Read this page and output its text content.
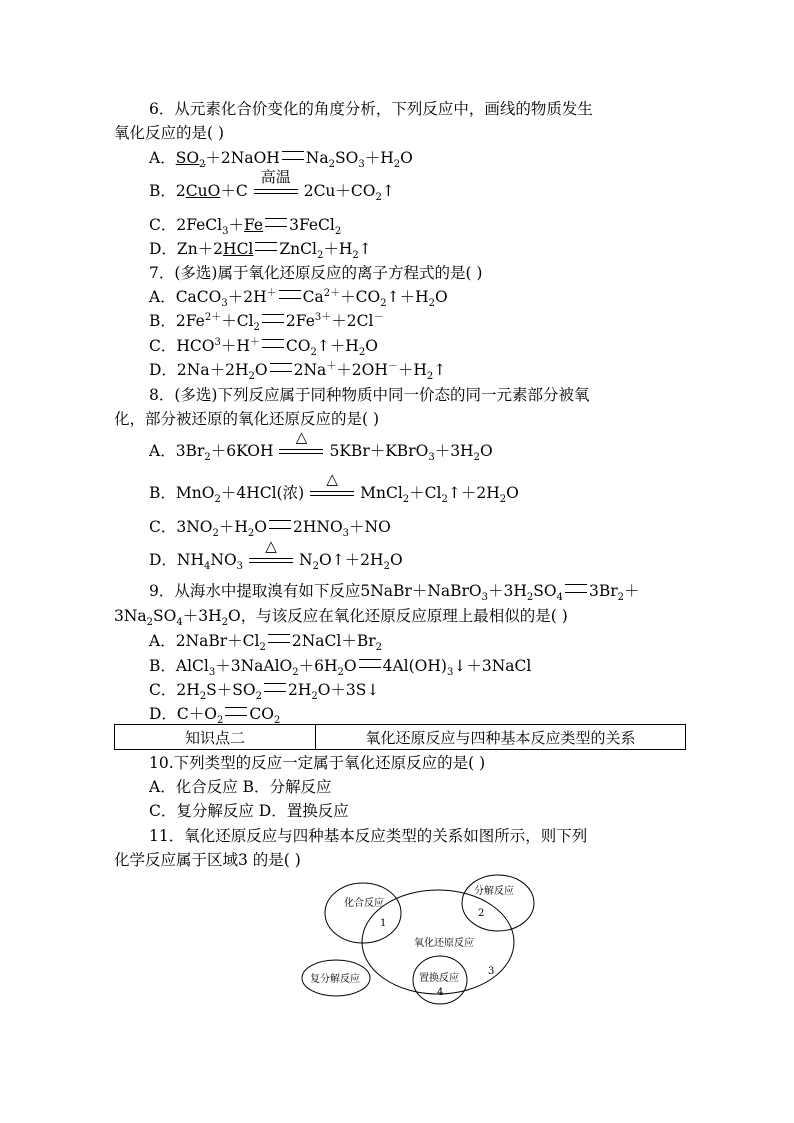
6．从元素化合价变化的角度分析，下列反应中，画线的物质发生
氧化反应的是( )
A．$SO_2+2NaOH$ $Na_2SO_3+H_2O$
B．2CuO＋C
高温
$2Cu+CO_2↑$
C．2FeCl$_3$＋Fe 3FeCl$_2$
D．Zn＋2HCl $ZnCl_2+H_2↑$
7．(多选)属于氧化还原反应的离子方程式的是( )
A．CaCO$_3$＋2H＋ $Ca^{2+}+CO_2↑+H_2O$
B．$2Fe^{2+}+Cl_2$ $2Fe^{3+}+2Cl^-$
C．$HCO^3+H^+$ $CO_2↑+H_2O$
D．$2Na+2H_2O$ $2Na^++2OH^-+H_2↑$
8．(多选)下列反应属于同种物质中同一价态的同一元素部分被氧
化，部分被还原的氧化还原反应的是( )
A．$3Br_2+6KOH$
△
$5KBr+KBrO_3+3H_2O$
B．MnO$_2$＋4HCl(浓)
△
$MnCl_2+Cl_2↑+2H_2O$
C．$3NO_2+H_2O$ $2HNO_3+NO$
D．$NH_4NO_3$
△
$N_2O↑+2H_2O$
9．从海水中提取溴有如下反应$5NaBr+NaBrO_3+3H_2SO_4$ $3Br_2+$
$3Na_2SO_4+3H_2O$，与该反应在氧化还原反应原理上最相似的是( )
A．$2NaBr+Cl_2$ $2NaCl+Br_2$
B．$AlCl_3+3NaAlO_2+6H_2O$ $4Al(OH)_3↓+3NaCl$
C．$2H_2S+SO_2$ $2H_2O+3S↓$
D．$C+O_2$ $CO_2$
知识点二	氧化还原反应与四种基本反应类型的关系
10.下列类型的反应一定属于氧化还原反应的是( )
A．化合反应 B．分解反应
C．复分解反应 D．置换反应
11．氧化还原反应与四种基本反应类型的关系如图所示，则下列
化学反应属于区域3 的是( )
化合反应
分解反应
氧化还原反应
复分解反应	置换反应
1
2
3
4
